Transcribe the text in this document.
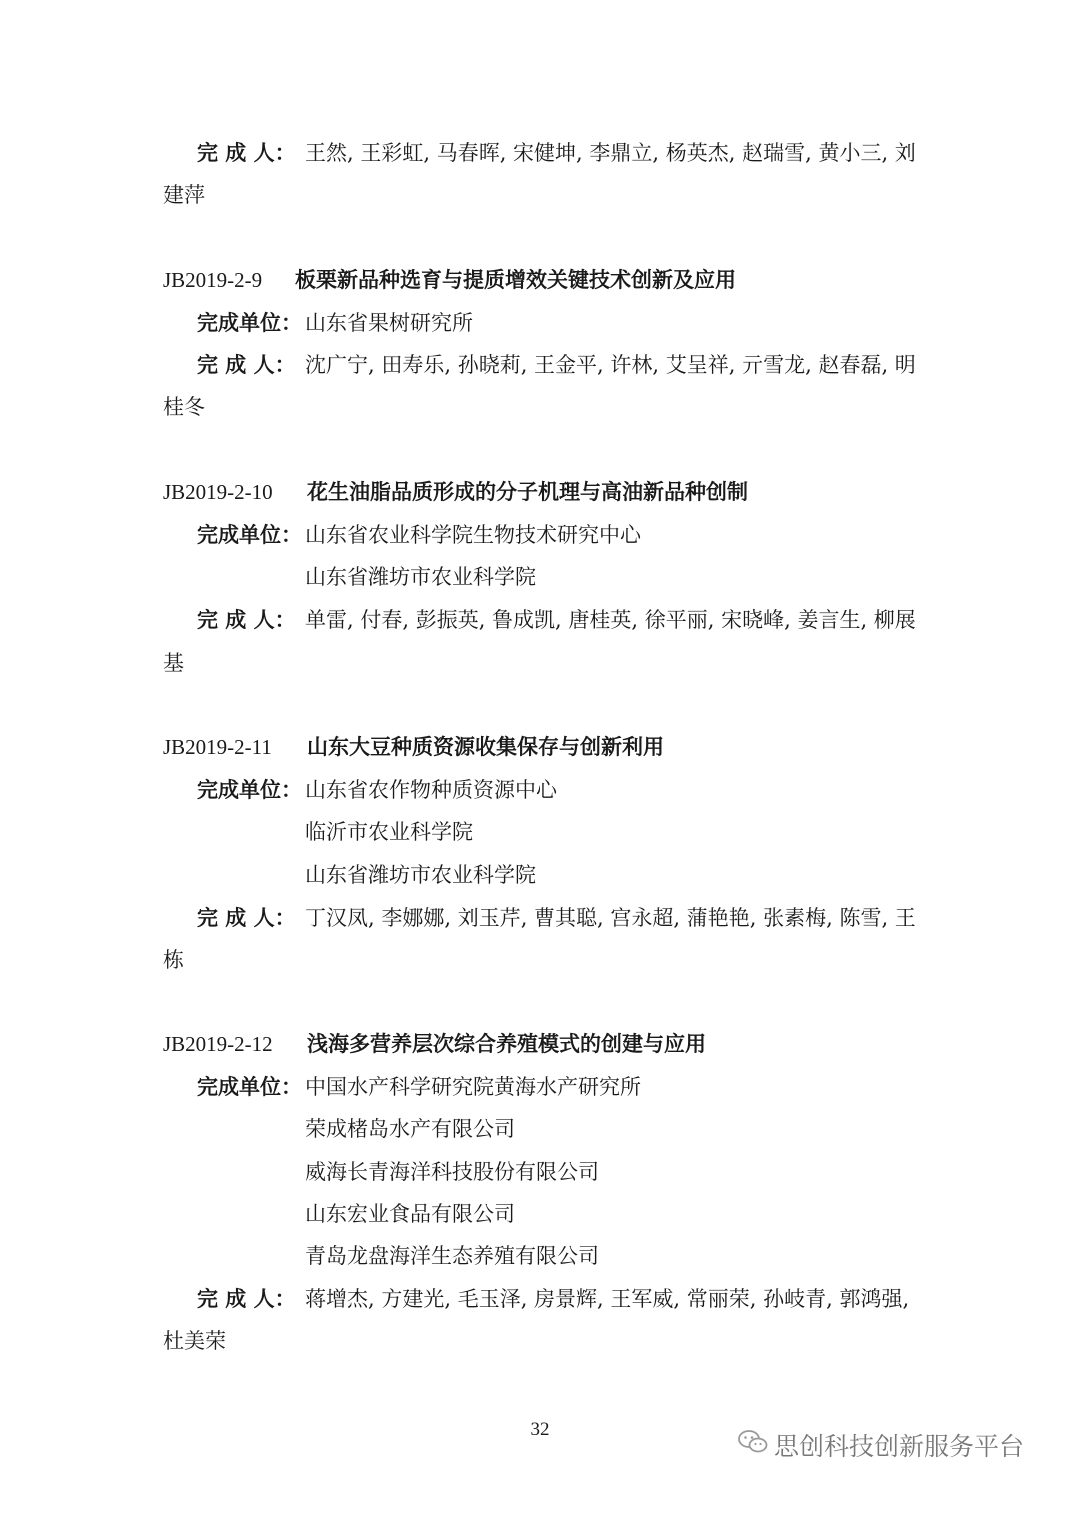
完 成 人： 王然, 王彩虹, 马春晖, 宋健坤, 李鼎立, 杨英杰, 赵瑞雪, 黄小三, 刘
建萍
JB2019-2-9 板栗新品种选育与提质增效关键技术创新及应用
完成单位： 山东省果树研究所
完 成 人： 沈广宁, 田寿乐, 孙晓莉, 王金平, 许林, 艾呈祥, 亓雪龙, 赵春磊, 明
桂冬
JB2019-2-10 花生油脂品质形成的分子机理与高油新品种创制
完成单位： 山东省农业科学院生物技术研究中心
山东省潍坊市农业科学院
完 成 人： 单雷, 付春, 彭振英, 鲁成凯, 唐桂英, 徐平丽, 宋晓峰, 姜言生, 柳展
基
JB2019-2-11 山东大豆种质资源收集保存与创新利用
完成单位： 山东省农作物种质资源中心
临沂市农业科学院
山东省潍坊市农业科学院
完 成 人： 丁汉凤, 李娜娜, 刘玉芹, 曹其聪, 宫永超, 蒲艳艳, 张素梅, 陈雪, 王
栋
JB2019-2-12 浅海多营养层次综合养殖模式的创建与应用
完成单位： 中国水产科学研究院黄海水产研究所
荣成楮岛水产有限公司
威海长青海洋科技股份有限公司
山东宏业食品有限公司
青岛龙盘海洋生态养殖有限公司
完 成 人： 蒋增杰, 方建光, 毛玉泽, 房景辉, 王军威, 常丽荣, 孙岐青, 郭鸿强,
杜美荣
32
思创科技创新服务平台
